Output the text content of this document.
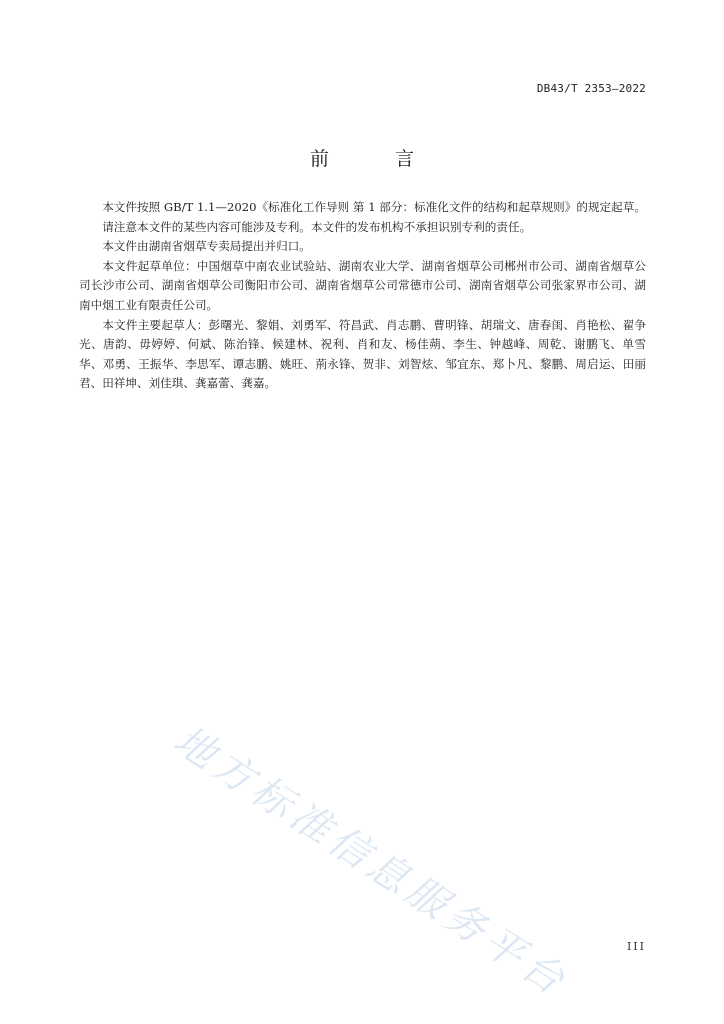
DB43/T 2353—2022
前 言

本文件按照 GB/T 1.1—2020《标准化工作导则 第 1 部分：标准化文件的结构和起草规则》的规定起草。

请注意本文件的某些内容可能涉及专利。本文件的发布机构不承担识别专利的责任。

本文件由湖南省烟草专卖局提出并归口。

本文件起草单位：中国烟草中南农业试验站、湖南农业大学、湖南省烟草公司郴州市公司、湖南省烟草公司长沙市公司、湖南省烟草公司衡阳市公司、湖南省烟草公司常德市公司、湖南省烟草公司张家界市公司、湖南中烟工业有限责任公司。

本文件主要起草人：彭曙光、黎娟、刘勇军、符昌武、肖志鹏、曹明锋、胡瑞文、唐春闺、肖艳松、翟争光、唐韵、毋婷婷、何斌、陈治锋、候建林、祝利、肖和友、杨佳蒴、李生、钟越峰、周乾、谢鹏飞、单雪华、邓勇、王振华、李思军、谭志鹏、姚旺、荊永锋、贺非、刘智炫、邹宜东、郑卜凡、黎鹏、周启运、田丽君、田祥坤、刘佳琪、龚嘉蕾、龚嘉。

地方标准信息服务平台	III
